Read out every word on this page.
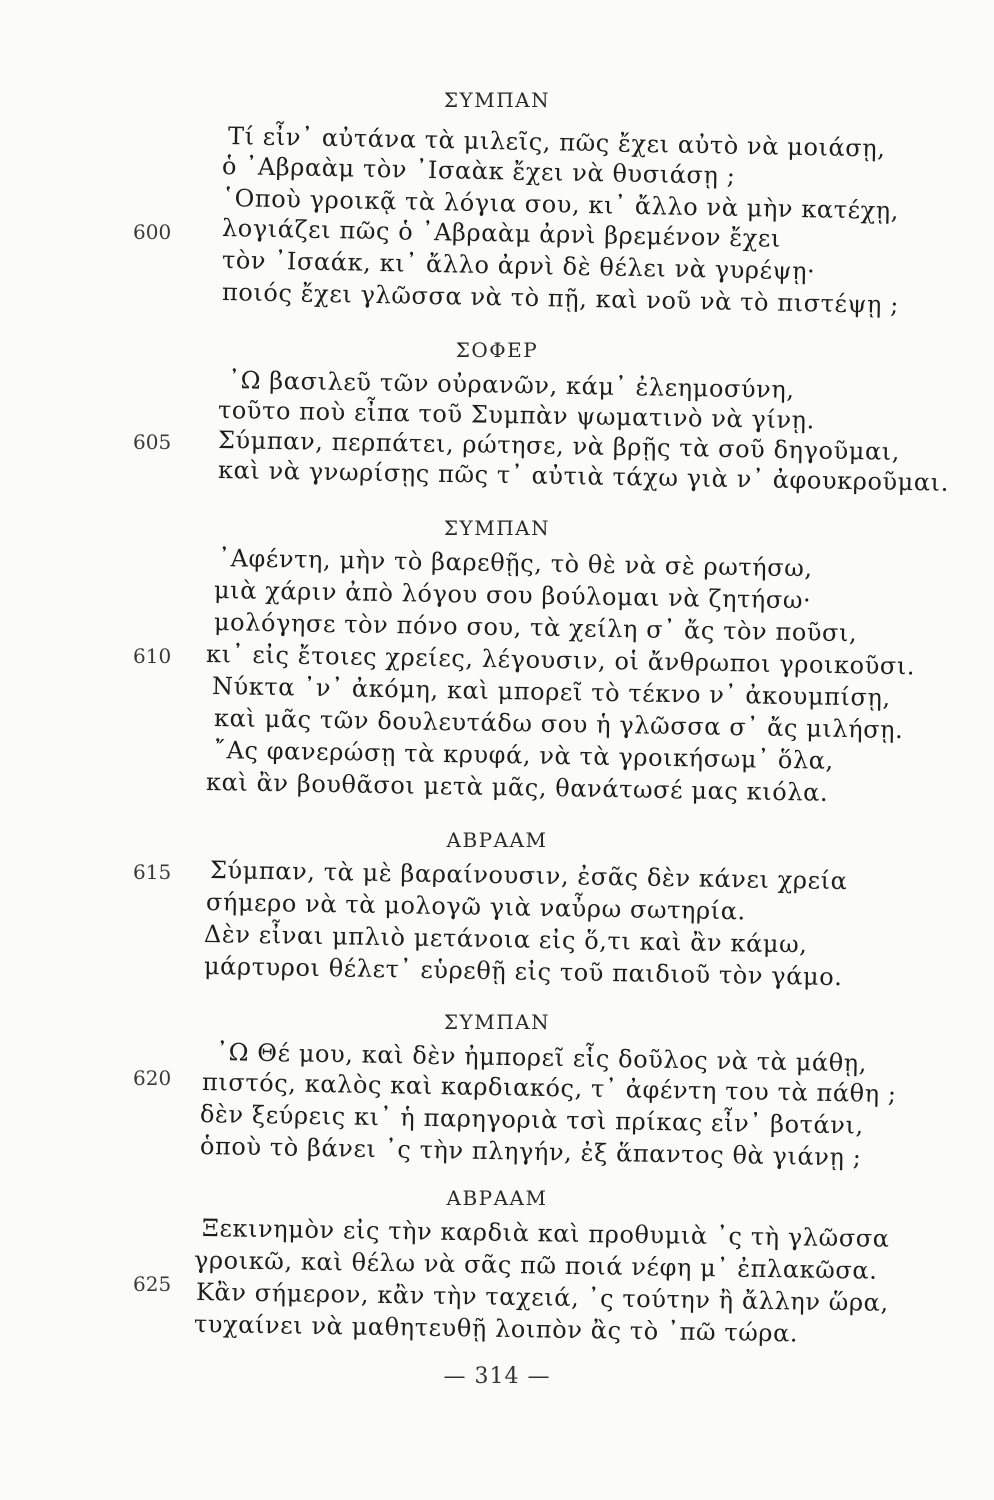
ΣΥΜΠΑΝ
Τί εἶν᾽ αὐτάνα τὰ μιλεῖς, πῶς ἔχει αὐτὸ νὰ μοιάσῃ,
ὁ ᾽Αβραὰμ τὸν ᾽Ισαὰκ ἔχει νὰ θυσιάσῃ ;
῾Οποὺ γροικᾷ τὰ λόγια σου, κι᾽ ἄλλο νὰ μὴν κατέχῃ,
600 λογιάζει πῶς ὁ ᾽Αβραὰμ ἀρνὶ βρεμένον ἔχει
τὸν ᾽Ισαάκ, κι᾽ ἄλλο ἀρνὶ δὲ θέλει νὰ γυρέψῃ·
ποιός ἔχει γλῶσσα νὰ τὸ πῇ, καὶ νοῦ νὰ τὸ πιστέψῃ ;
ΣΟΦΕΡ
᾽Ω βασιλεῦ τῶν οὐρανῶν, κάμ᾽ ἐλεημοσύνη,
τοῦτο ποὺ εἶπα τοῦ Συμπὰν ψωματινὸ νὰ γίνῃ.
605 Σύμπαν, περπάτει, ρώτησε, νὰ βρῇς τὰ σοῦ δηγοῦμαι,
καὶ νὰ γνωρίσῃς πῶς τ᾽ αὐτιὰ τάχω γιὰ ν᾽ ἀφουκροῦμαι.
ΣΥΜΠΑΝ
᾽Αφέντη, μὴν τὸ βαρεθῇς, τὸ θὲ νὰ σὲ ρωτήσω,
μιὰ χάριν ἀπὸ λόγου σου βούλομαι νὰ ζητήσω·
μολόγησε τὸν πόνο σου, τὰ χείλη σ᾽ ἄς τὸν ποῦσι,
610 κι᾽ εἰς ἔτοιες χρείες, λέγουσιν, οἱ ἄνθρωποι γροικοῦσι.
Νύκτα ᾽ν᾽ ἀκόμη, καὶ μπορεῖ τὸ τέκνο ν᾽ ἀκουμπίσῃ,
καὶ μᾶς τῶν δουλευτάδω σου ἡ γλῶσσα σ᾽ ἄς μιλήσῃ.
῎Ας φανερώσῃ τὰ κρυφά, νὰ τὰ γροικήσωμ᾽ ὅλα,
καὶ ἂν βουθᾶσοι μετὰ μᾶς, θανάτωσέ μας κιόλα.
ΑΒΡΑΑΜ
615 Σύμπαν, τὰ μὲ βαραίνουσιν, ἐσᾶς δὲν κάνει χρεία
σήμερο νὰ τὰ μολογῶ γιὰ ναὖρω σωτηρία.
Δὲν εἶναι μπλιὸ μετάνοια εἰς ὅ,τι καὶ ἂν κάμω,
μάρτυροι θέλετ᾽ εὑρεθῇ εἰς τοῦ παιδιοῦ τὸν γάμο.
ΣΥΜΠΑΝ
᾽Ω Θέ μου, καὶ δὲν ἠμπορεῖ εἷς δοῦλος νὰ τὰ μάθῃ,
620 πιστός, καλὸς καὶ καρδιακός, τ᾽ ἀφέντη του τὰ πάθη ;
δὲν ξεύρεις κι᾽ ἡ παρηγοριὰ τσὶ πρίκας εἶν᾽ βοτάνι,
ὁποὺ τὸ βάνει ᾽ς τὴν πληγήν, ἐξ ἅπαντος θὰ γιάνῃ ;
ΑΒΡΑΑΜ
Ξεκινημὸν εἰς τὴν καρδιὰ καὶ προθυμιὰ ᾽ς τὴ γλῶσσα
γροικῶ, καὶ θέλω νὰ σᾶς πῶ ποιά νέφη μ᾽ ἐπλακῶσα.
625 Κἂν σήμερον, κἂν τὴν ταχειά, ᾽ς τούτην ἢ ἄλλην ὥρα,
τυχαίνει νὰ μαθητευθῇ λοιπὸν ἂς τὸ ᾽πῶ τώρα.
— 314 —
